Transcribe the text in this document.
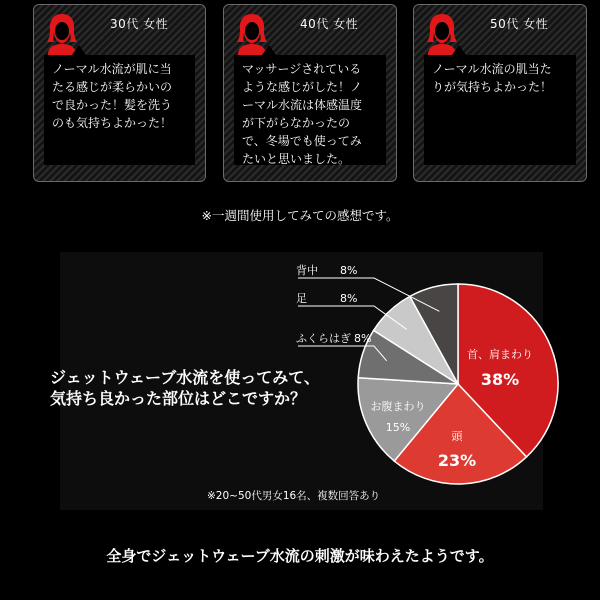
30代 女性
ノーマル水流が肌に当
たる感じが柔らかいの
で良かった！髪を洗う
のも気持ちよかった！
40代 女性
マッサージされている
ような感じがした！ノ
ーマル水流は体感温度
が下がらなかったの
で、冬場でも使ってみ
たいと思いました。
50代 女性
ノーマル水流の肌当た
りが気持ちよかった！
※一週間使用してみての感想です。
ジェットウェーブ水流を使ってみて、
気持ち良かった部位はどこですか？
首、肩まわり
38%
頭
23%
お腹まわり
15%
ふくらはぎ 8%
足	8%
背中 8%
※20~50代男女16名、複数回答あり
全身でジェットウェーブ水流の刺激が味わえたようです。
